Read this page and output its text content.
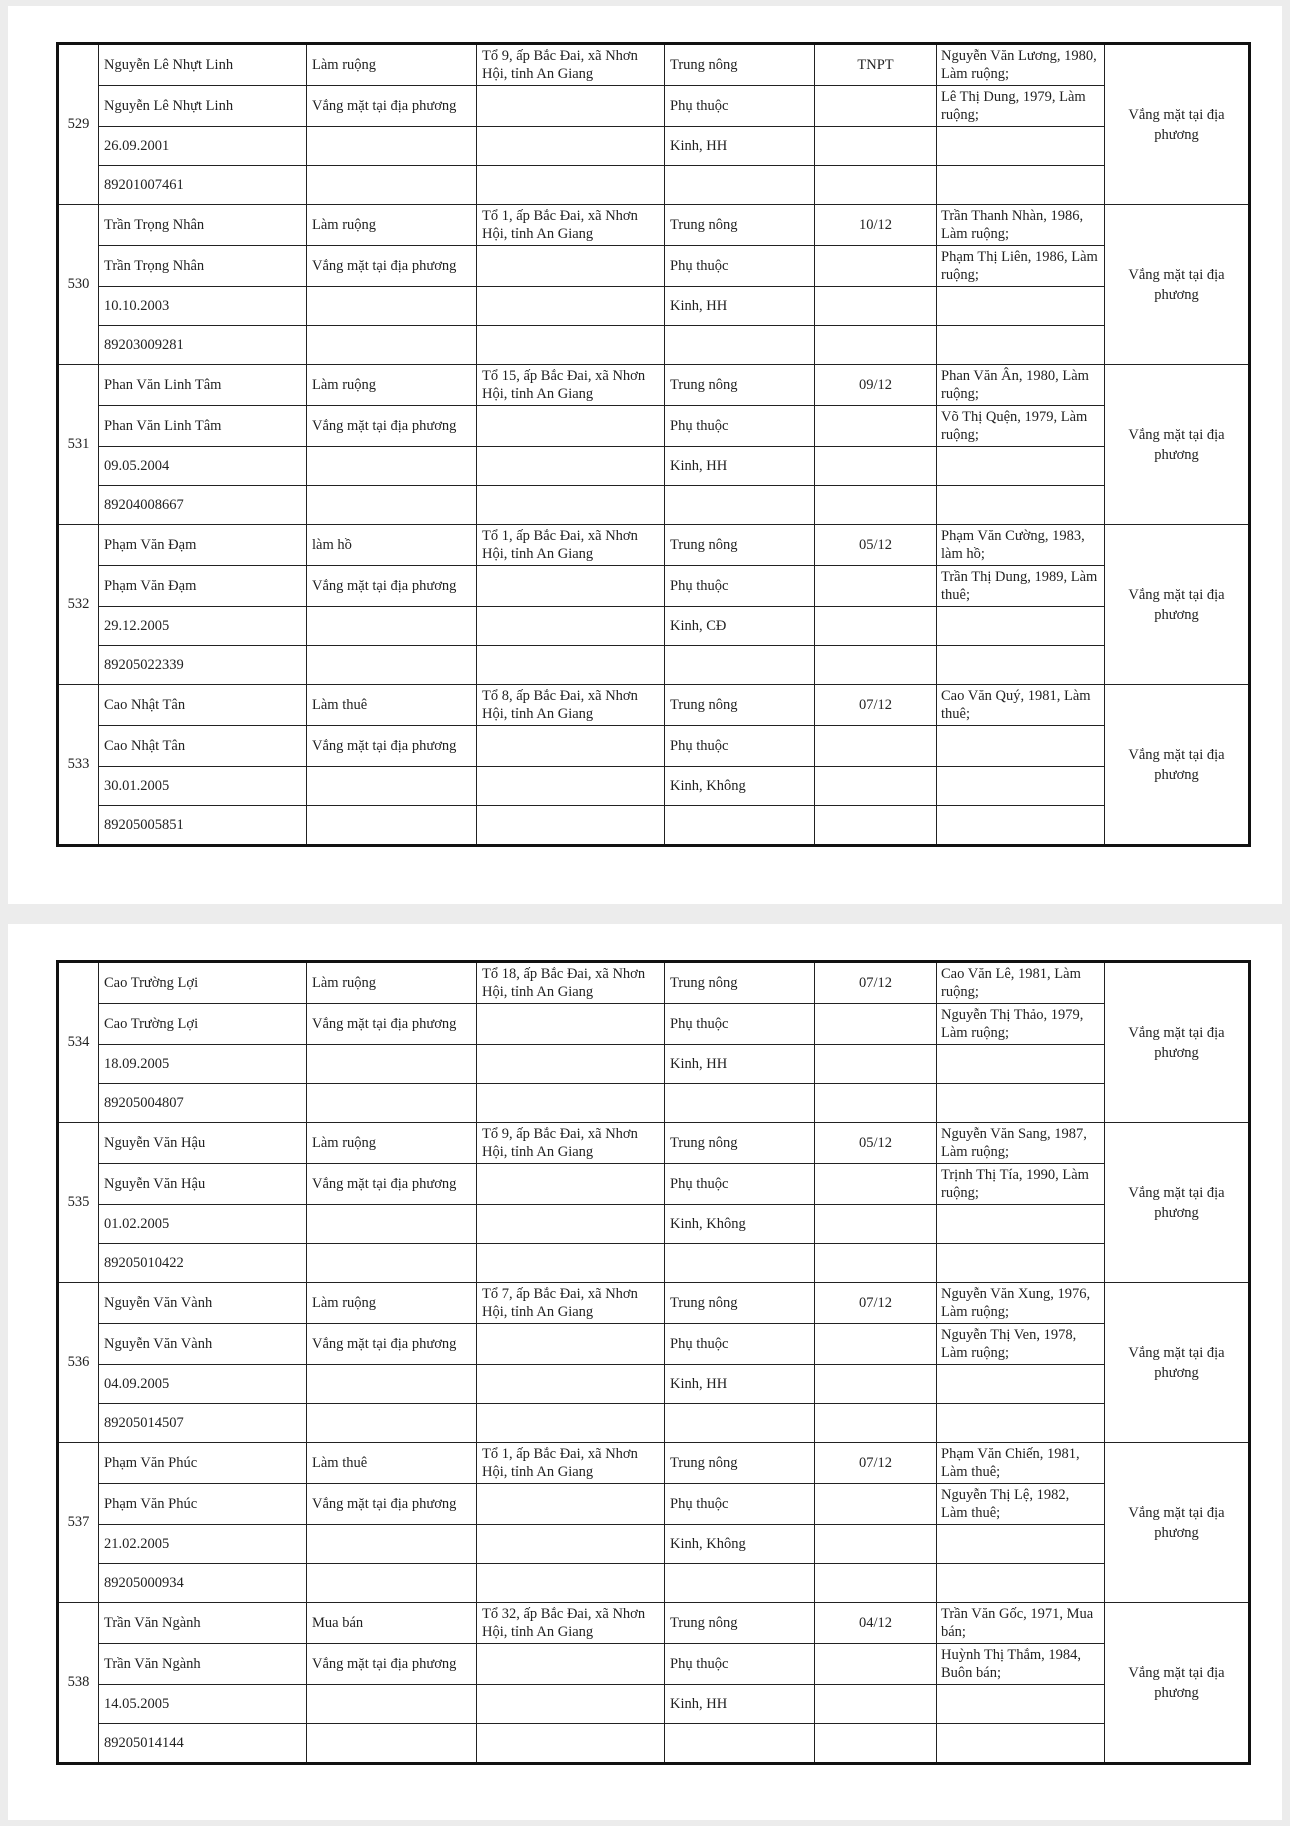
529	Nguyễn Lê Nhựt Linh	Làm ruộng	Tổ 9, ấp Bắc Đai, xã Nhơn Hội, tỉnh An Giang	Trung nông	TNPT	Nguyễn Văn Lương, 1980, Làm ruộng;	Vắng mặt tại địa phương
	Nguyễn Lê Nhựt Linh	Vắng mặt tại địa phương		Phụ thuộc		Lê Thị Dung, 1979, Làm ruộng;	
	26.09.2001			Kinh, HH			
	89201007461						
530	Trần Trọng Nhân	Làm ruộng	Tổ 1, ấp Bắc Đai, xã Nhơn Hội, tỉnh An Giang	Trung nông	10/12	Trần Thanh Nhàn, 1986, Làm ruộng;	Vắng mặt tại địa phương
	Trần Trọng Nhân	Vắng mặt tại địa phương		Phụ thuộc		Phạm Thị Liên, 1986, Làm ruộng;	
	10.10.2003			Kinh, HH			
	89203009281						
531	Phan Văn Linh Tâm	Làm ruộng	Tổ 15, ấp Bắc Đai, xã Nhơn Hội, tỉnh An Giang	Trung nông	09/12	Phan Văn Ân, 1980, Làm ruộng;	Vắng mặt tại địa phương
	Phan Văn Linh Tâm	Vắng mặt tại địa phương		Phụ thuộc		Võ Thị Quện, 1979, Làm ruộng;	
	09.05.2004			Kinh, HH			
	89204008667						
532	Phạm Văn Đạm	làm hồ	Tổ 1, ấp Bắc Đai, xã Nhơn Hội, tỉnh An Giang	Trung nông	05/12	Phạm Văn Cường, 1983, làm hồ;	Vắng mặt tại địa phương
	Phạm Văn Đạm	Vắng mặt tại địa phương		Phụ thuộc		Trần Thị Dung, 1989, Làm thuê;	
	29.12.2005			Kinh, CĐ			
	89205022339						
533	Cao Nhật Tân	Làm thuê	Tổ 8, ấp Bắc Đai, xã Nhơn Hội, tỉnh An Giang	Trung nông	07/12	Cao Văn Quý, 1981, Làm thuê;	Vắng mặt tại địa phương
	Cao Nhật Tân	Vắng mặt tại địa phương		Phụ thuộc			
	30.01.2005			Kinh, Không			
	89205005851						
534	Cao Trường Lợi	Làm ruộng	Tổ 18, ấp Bắc Đai, xã Nhơn Hội, tỉnh An Giang	Trung nông	07/12	Cao Văn Lê, 1981, Làm ruộng;	Vắng mặt tại địa phương
	Cao Trường Lợi	Vắng mặt tại địa phương		Phụ thuộc		Nguyễn Thị Thảo, 1979, Làm ruộng;	
	18.09.2005			Kinh, HH			
	89205004807						
535	Nguyễn Văn Hậu	Làm ruộng	Tổ 9, ấp Bắc Đai, xã Nhơn Hội, tỉnh An Giang	Trung nông	05/12	Nguyễn Văn Sang, 1987, Làm ruộng;	Vắng mặt tại địa phương
	Nguyễn Văn Hậu	Vắng mặt tại địa phương		Phụ thuộc		Trịnh Thị Tía, 1990, Làm ruộng;	
	01.02.2005			Kinh, Không			
	89205010422						
536	Nguyễn Văn Vành	Làm ruộng	Tổ 7, ấp Bắc Đai, xã Nhơn Hội, tỉnh An Giang	Trung nông	07/12	Nguyễn Văn Xung, 1976, Làm ruộng;	Vắng mặt tại địa phương
	Nguyễn Văn Vành	Vắng mặt tại địa phương		Phụ thuộc		Nguyễn Thị Ven, 1978, Làm ruộng;	
	04.09.2005			Kinh, HH			
	89205014507						
537	Phạm Văn Phúc	Làm thuê	Tổ 1, ấp Bắc Đai, xã Nhơn Hội, tỉnh An Giang	Trung nông	07/12	Phạm Văn Chiến, 1981, Làm thuê;	Vắng mặt tại địa phương
	Phạm Văn Phúc	Vắng mặt tại địa phương		Phụ thuộc		Nguyễn Thị Lệ, 1982, Làm thuê;	
	21.02.2005			Kinh, Không			
	89205000934						
538	Trần Văn Ngành	Mua bán	Tổ 32, ấp Bắc Đai, xã Nhơn Hội, tỉnh An Giang	Trung nông	04/12	Trần Văn Gốc, 1971, Mua bán;	Vắng mặt tại địa phương
	Trần Văn Ngành	Vắng mặt tại địa phương		Phụ thuộc		Huỳnh Thị Thắm, 1984, Buôn bán;	
	14.05.2005			Kinh, HH			
	89205014144						
